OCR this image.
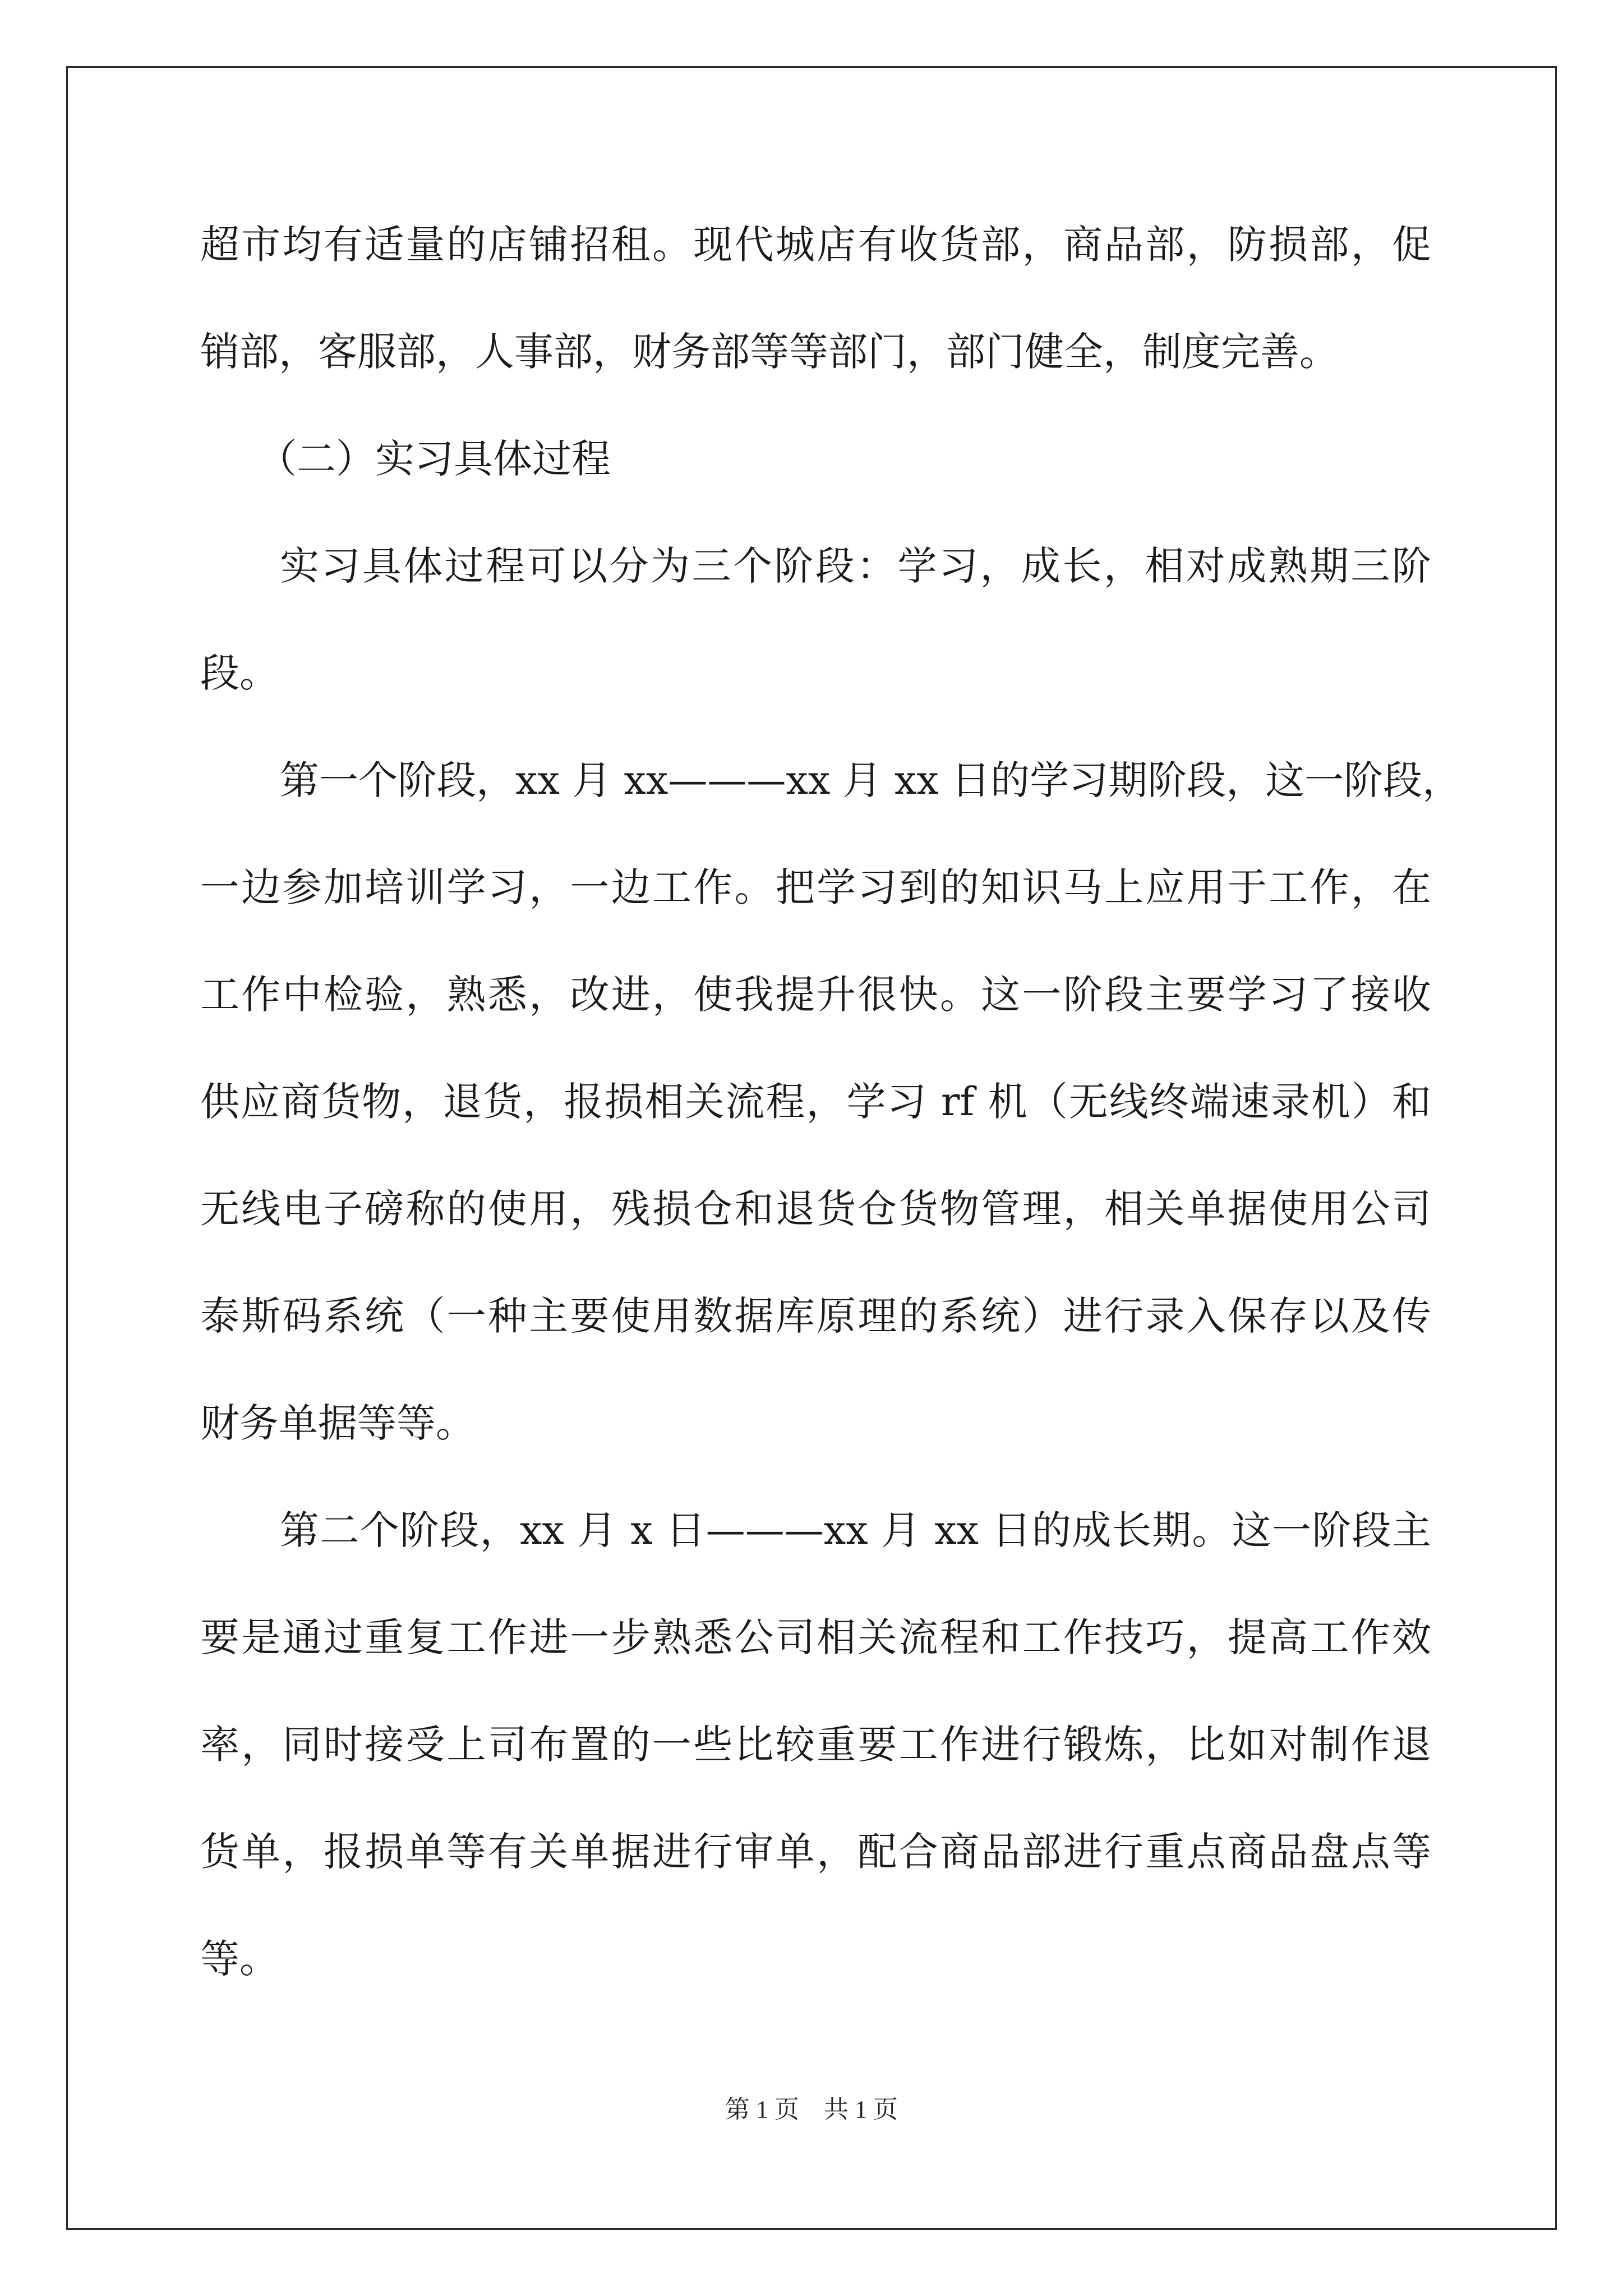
超市均有适量的店铺招租。现代城店有收货部，商品部，防损部，促
销部，客服部，人事部，财务部等等部门，部门健全，制度完善。
（二）实习具体过程
实习具体过程可以分为三个阶段：学习，成长，相对成熟期三阶
段。
第一个阶段，xx 月 xx———xx 月 xx 日的学习期阶段，这一阶段，
一边参加培训学习，一边工作。把学习到的知识马上应用于工作，在
工作中检验，熟悉，改进，使我提升很快。这一阶段主要学习了接收
供应商货物，退货，报损相关流程，学习 rf 机（无线终端速录机）和
无线电子磅称的使用，残损仓和退货仓货物管理，相关单据使用公司
泰斯码系统（一种主要使用数据库原理的系统）进行录入保存以及传
财务单据等等。
第二个阶段，xx 月 x 日———xx 月 xx 日的成长期。这一阶段主
要是通过重复工作进一步熟悉公司相关流程和工作技巧，提高工作效
率，同时接受上司布置的一些比较重要工作进行锻炼，比如对制作退
货单，报损单等有关单据进行审单，配合商品部进行重点商品盘点等
等。
第 1 页　共 1 页
